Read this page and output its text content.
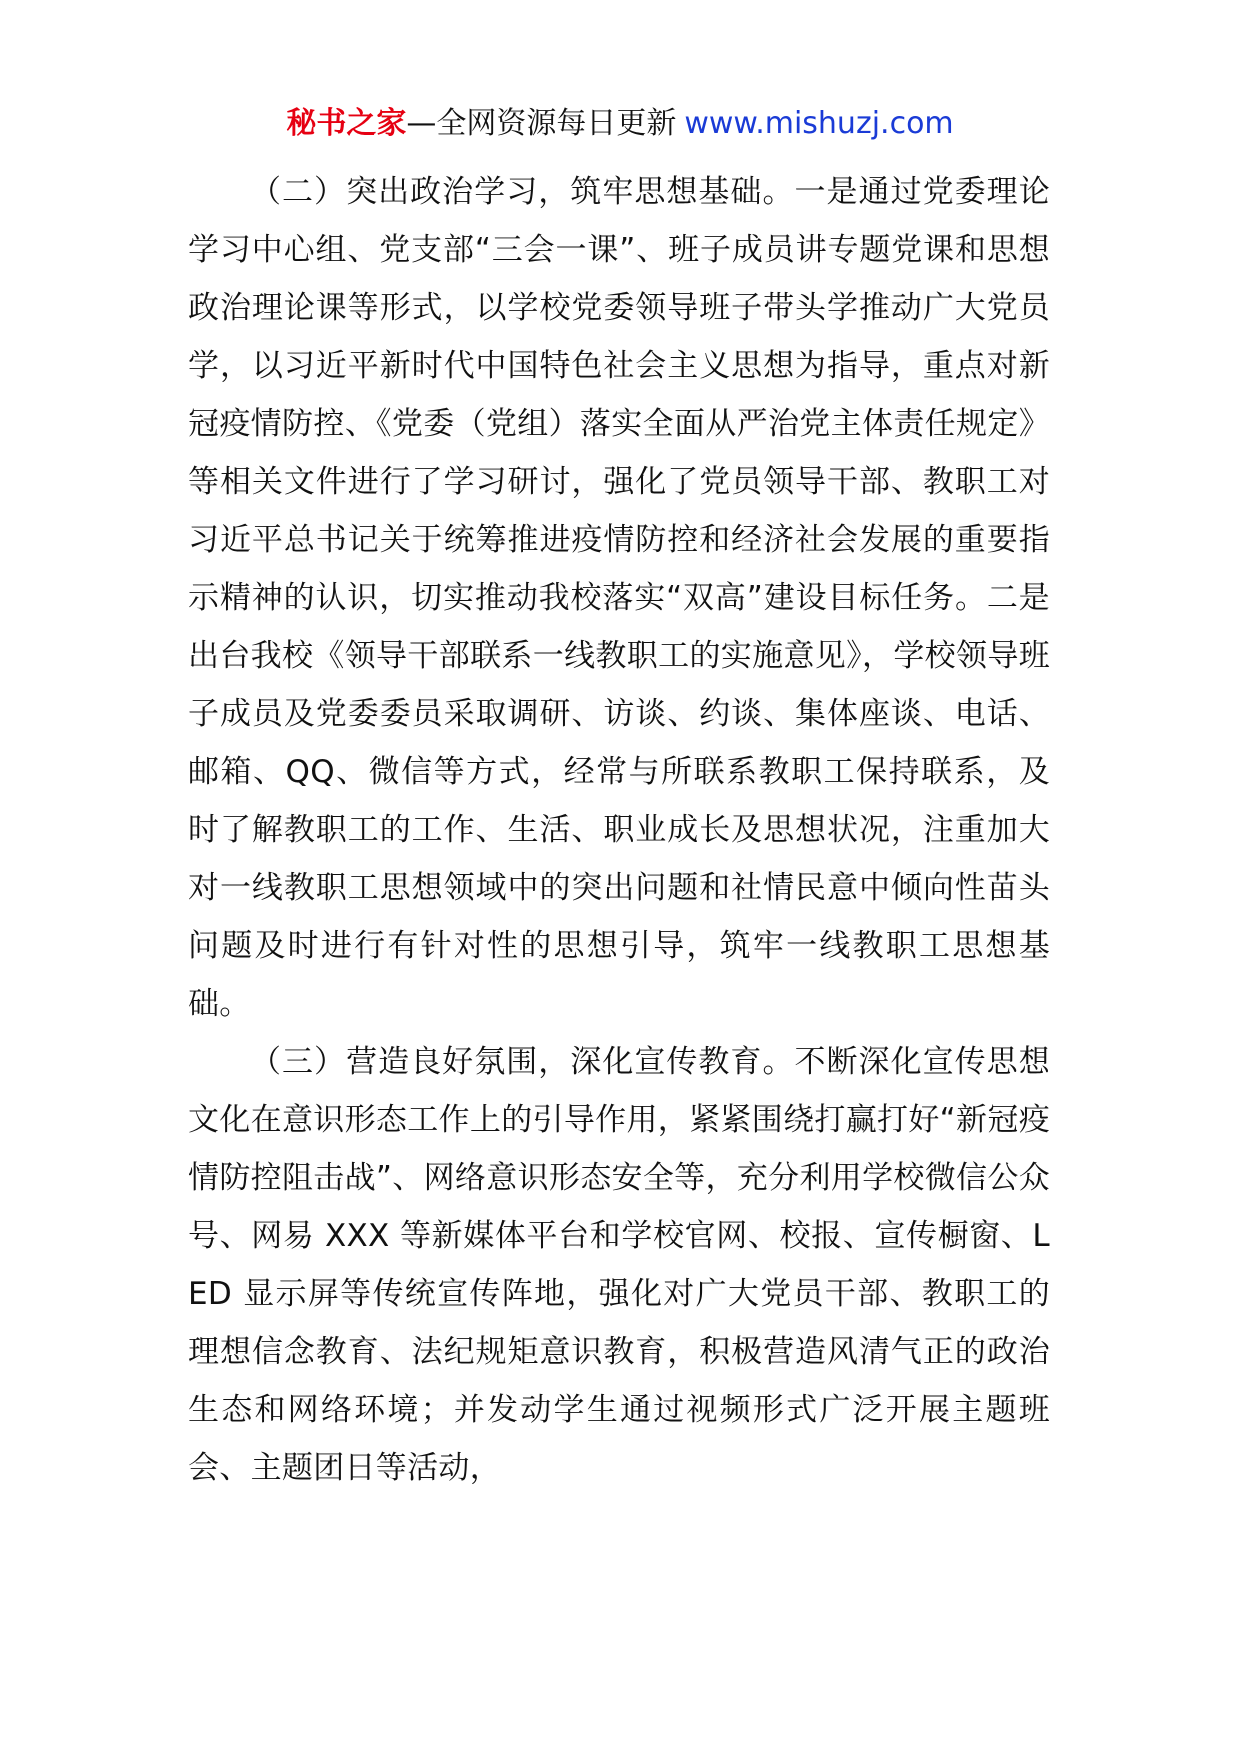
秘书之家—全网资源每日更新 www.mishuzj.com

（二）突出政治学习，筑牢思想基础。一是通过党委理论学习中心组、党支部“三会一课”、班子成员讲专题党课和思想政治理论课等形式，以学校党委领导班子带头学推动广大党员学，以习近平新时代中国特色社会主义思想为指导，重点对新冠疫情防控、《党委（党组）落实全面从严治党主体责任规定》等相关文件进行了学习研讨，强化了党员领导干部、教职工对习近平总书记关于统筹推进疫情防控和经济社会发展的重要指示精神的认识，切实推动我校落实“双高”建设目标任务。二是出台我校《领导干部联系一线教职工的实施意见》，学校领导班子成员及党委委员采取调研、访谈、约谈、集体座谈、电话、邮箱、QQ、微信等方式，经常与所联系教职工保持联系，及时了解教职工的工作、生活、职业成长及思想状况，注重加大对一线教职工思想领域中的突出问题和社情民意中倾向性苗头问题及时进行有针对性的思想引导，筑牢一线教职工思想基础。

（三）营造良好氛围，深化宣传教育。不断深化宣传思想文化在意识形态工作上的引导作用，紧紧围绕打赢打好“新冠疫情防控阻击战”、网络意识形态安全等，充分利用学校微信公众号、网易 XXX 等新媒体平台和学校官网、校报、宣传橱窗、LED 显示屏等传统宣传阵地，强化对广大党员干部、教职工的理想信念教育、法纪规矩意识教育，积极营造风清气正的政治生态和网络环境；并发动学生通过视频形式广泛开展主题班会、主题团日等活动，
